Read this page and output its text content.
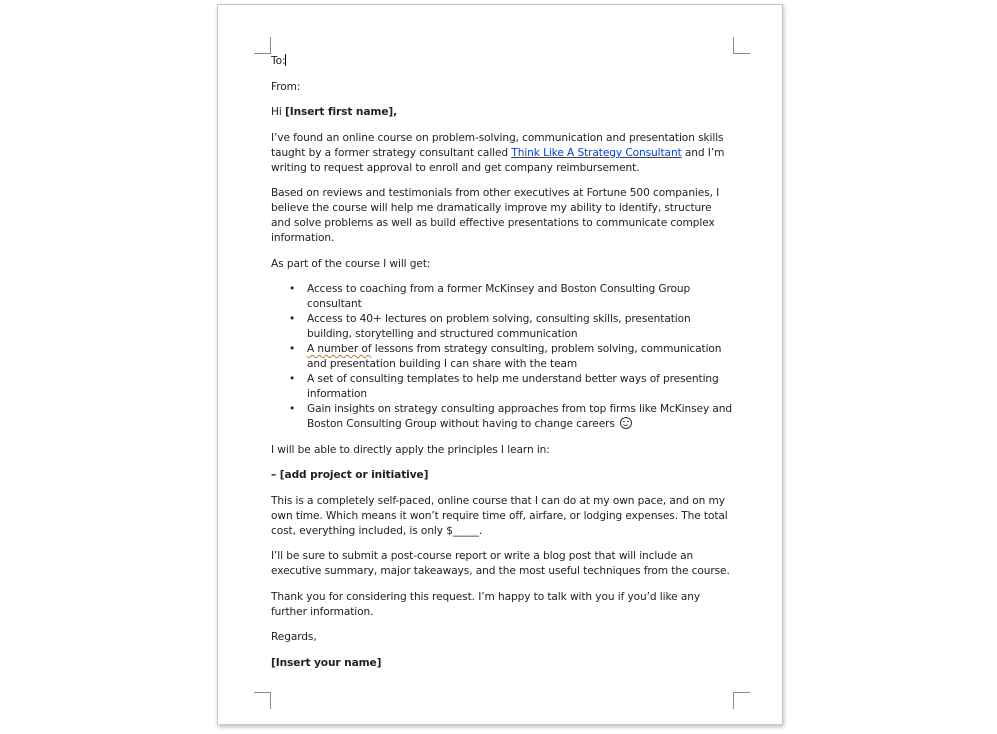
To:

From:

Hi [Insert first name],

I’ve found an online course on problem-solving, communication and presentation skills taught by a former strategy consultant called Think Like A Strategy Consultant and I’m writing to request approval to enroll and get company reimbursement.

Based on reviews and testimonials from other executives at Fortune 500 companies, I believe the course will help me dramatically improve my ability to identify, structure and solve problems as well as build effective presentations to communicate complex information.

As part of the course I will get:

• Access to coaching from a former McKinsey and Boston Consulting Group consultant
• Access to 40+ lectures on problem solving, consulting skills, presentation building, storytelling and structured communication
• A number of lessons from strategy consulting, problem solving, communication and presentation building I can share with the team
• A set of consulting templates to help me understand better ways of presenting information
• Gain insights on strategy consulting approaches from top firms like McKinsey and Boston Consulting Group without having to change careers

I will be able to directly apply the principles I learn in:

– [add project or initiative]

This is a completely self-paced, online course that I can do at my own pace, and on my own time. Which means it won’t require time off, airfare, or lodging expenses. The total cost, everything included, is only $_____.

I’ll be sure to submit a post-course report or write a blog post that will include an executive summary, major takeaways, and the most useful techniques from the course.

Thank you for considering this request. I’m happy to talk with you if you’d like any further information.

Regards,

[Insert your name]
